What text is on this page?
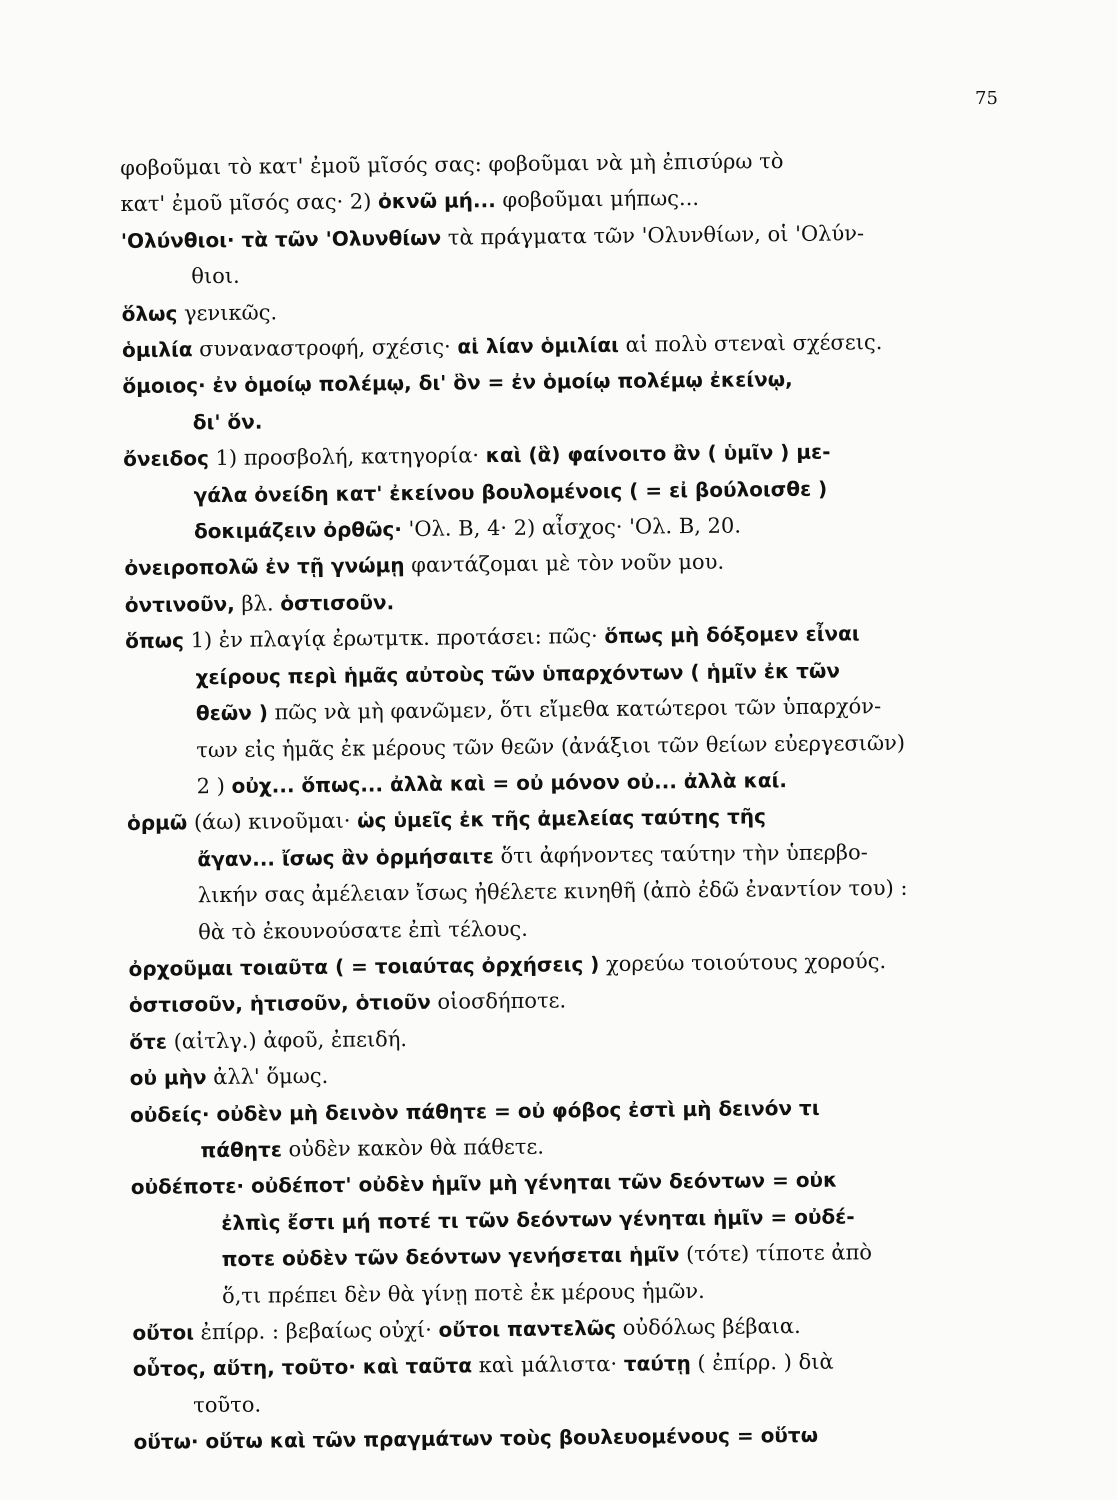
75
φοβοῦμαι τὸ κατ' ἐμοῦ μῖσός σας: φοβοῦμαι νὰ μὴ ἐπισύρω τὸ
κατ' ἐμοῦ μῖσός σας· 2) ὀκνῶ μή... φοβοῦμαι μήπως...
'Ολύνθιοι· τὰ τῶν 'Ολυνθίων τὰ πράγματα τῶν 'Ολυνθίων, οἱ 'Ολύν-
θιοι.
ὅλως γενικῶς.
ὁμιλία συναναστροφή, σχέσις· αἱ λίαν ὁμιλίαι αἱ πολὺ στεναὶ σχέσεις.
ὅμοιος· ἐν ὁμοίῳ πολέμῳ, δι' ὃν = ἐν ὁμοίῳ πολέμῳ ἐκείνῳ,
δι' ὅν.
ὄνειδος 1) προσβολή, κατηγορία· καὶ (ἃ) φαίνοιτο ἂν ( ὑμῖν ) με-
γάλα ὀνείδη κατ' ἐκείνου βουλομένοις ( = εἰ βούλοισθε )
δοκιμάζειν ὀρθῶς· 'Ολ. Β, 4· 2) αἶσχος· 'Ολ. Β, 20.
ὀνειροπολῶ ἐν τῇ γνώμῃ φαντάζομαι μὲ τὸν νοῦν μου.
ὀντινοῦν, βλ. ὁστισοῦν.
ὅπως 1) ἐν πλαγίᾳ ἐρωτμτκ. προτάσει: πῶς· ὅπως μὴ δόξομεν εἶναι
χείρους περὶ ἡμᾶς αὐτοὺς τῶν ὑπαρχόντων ( ἡμῖν ἐκ τῶν
θεῶν ) πῶς νὰ μὴ φανῶμεν, ὅτι εἴμεθα κατώτεροι τῶν ὑπαρχόν-
των εἰς ἡμᾶς ἐκ μέρους τῶν θεῶν (ἀνάξιοι τῶν θείων εὐεργεσιῶν)
2 ) οὐχ... ὅπως... ἀλλὰ καὶ = οὐ μόνον οὐ... ἀλλὰ καί.
ὁρμῶ (άω) κινοῦμαι· ὡς ὑμεῖς ἐκ τῆς ἀμελείας ταύτης τῆς
ἄγαν... ἴσως ἂν ὁρμήσαιτε ὅτι ἀφήνοντες ταύτην τὴν ὑπερβο-
λικήν σας ἀμέλειαν ἴσως ἠθέλετε κινηθῆ (ἀπὸ ἐδῶ ἐναντίον του) :
θὰ τὸ ἐκουνούσατε ἐπὶ τέλους.
ὀρχοῦμαι τοιαῦτα ( = τοιαύτας ὀρχήσεις ) χορεύω τοιούτους χορούς.
ὁστισοῦν, ἡτισοῦν, ὁτιοῦν οἱοσδήποτε.
ὅτε (αἰτλγ.) ἀφοῦ, ἐπειδή.
οὐ μὴν ἀλλ' ὅμως.
οὐδείς· οὐδὲν μὴ δεινὸν πάθητε = οὐ φόβος ἐστὶ μὴ δεινόν τι
πάθητε οὐδὲν κακὸν θὰ πάθετε.
οὐδέποτε· οὐδέποτ' οὐδὲν ἡμῖν μὴ γένηται τῶν δεόντων = οὐκ
ἐλπὶς ἔστι μή ποτέ τι τῶν δεόντων γένηται ἡμῖν = οὐδέ-
ποτε οὐδὲν τῶν δεόντων γενήσεται ἡμῖν (τότε) τίποτε ἀπὸ
ὅ,τι πρέπει δὲν θὰ γίνῃ ποτὲ ἐκ μέρους ἡμῶν.
οὔτοι ἐπίρρ. : βεβαίως οὐχί· οὔτοι παντελῶς οὐδόλως βέβαια.
οὗτος, αὕτη, τοῦτο· καὶ ταῦτα καὶ μάλιστα· ταύτῃ ( ἐπίρρ. ) διὰ
τοῦτο.
οὕτω· οὕτω καὶ τῶν πραγμάτων τοὺς βουλευομένους = οὕτω
